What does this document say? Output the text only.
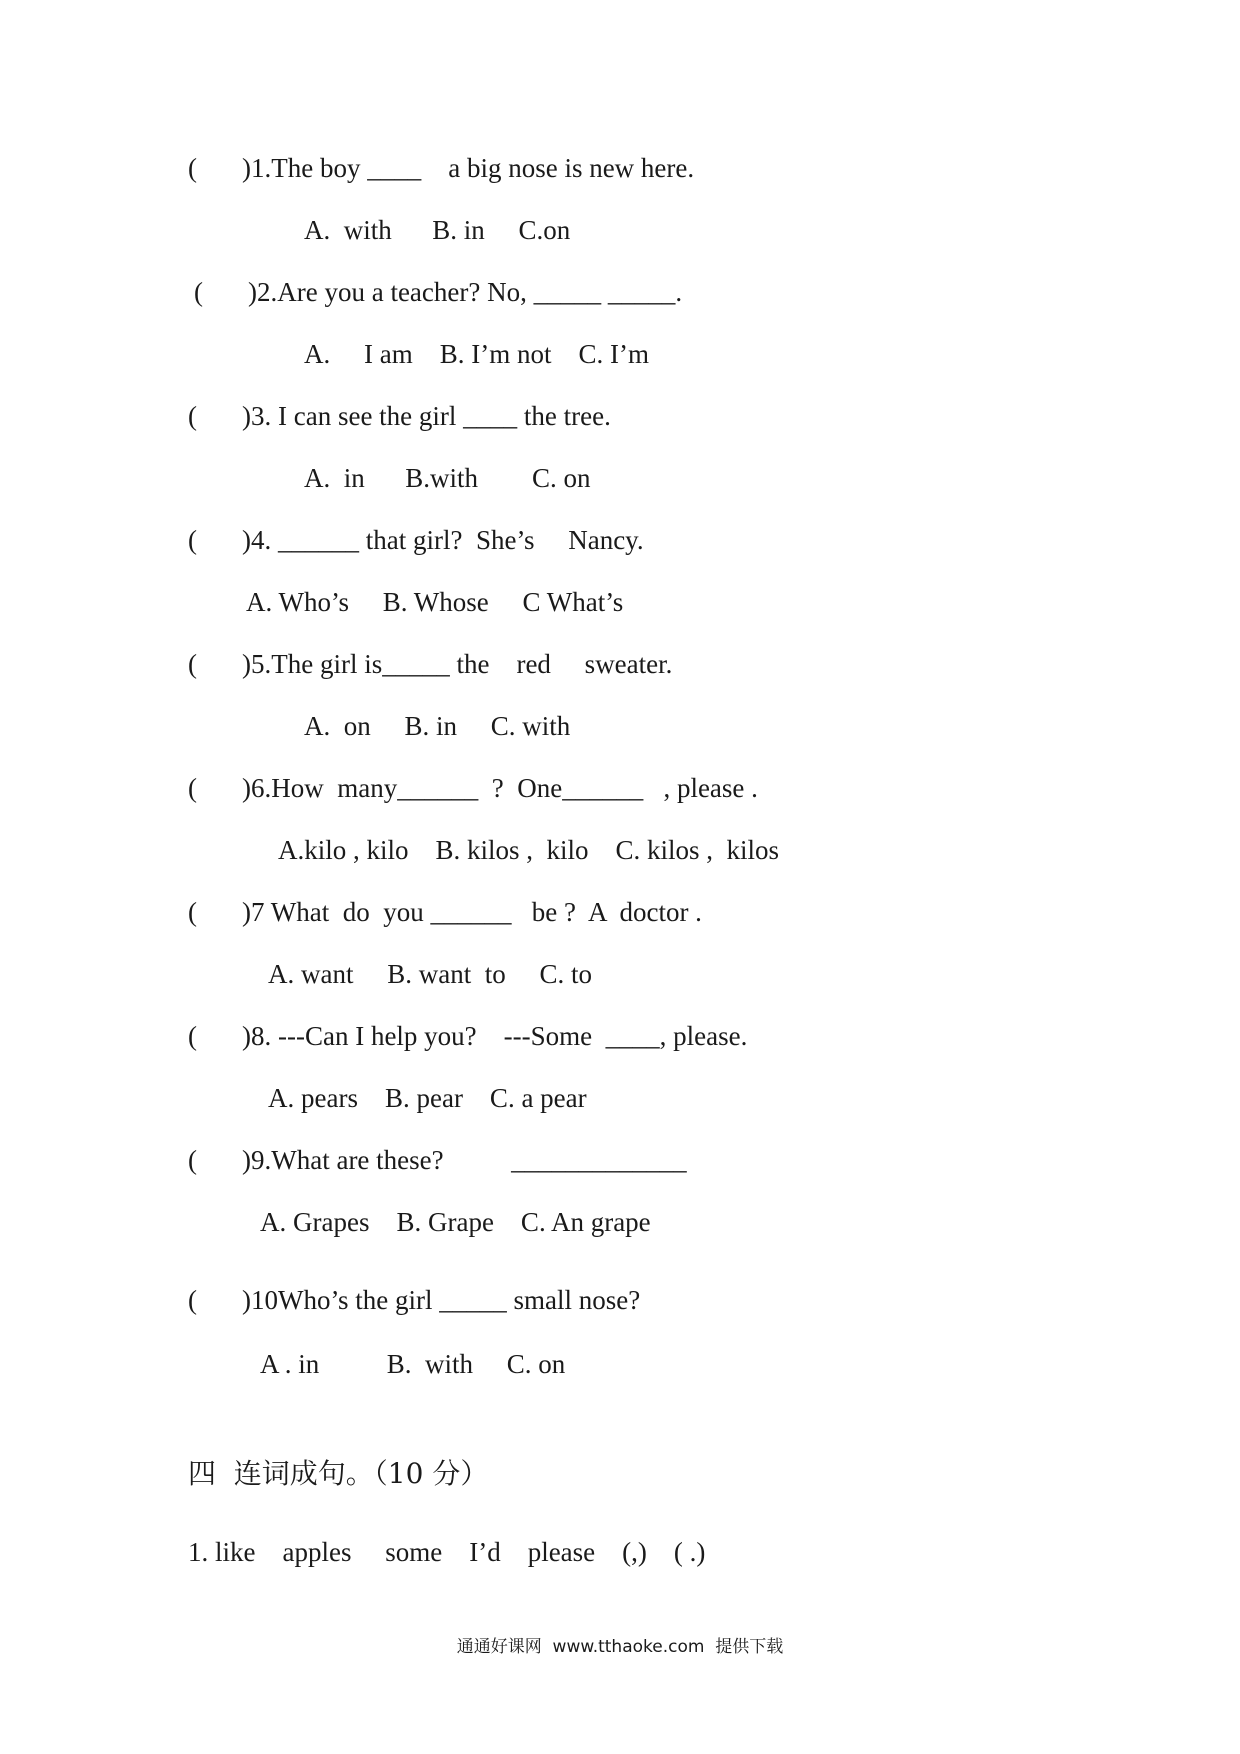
( )1.The boy ____    a big nose is new here.
A.  with      B. in     C.on
( )2.Are you a teacher? No, _____ _____.
A.     I am    B. I’m not    C. I’m
( )3. I can see the girl ____ the tree.
A.  in      B.with        C. on
( )4. ______ that girl?  She’s     Nancy.
A. Who’s     B. Whose     C What’s
( )5.The girl is_____ the    red     sweater.
A.  on     B. in     C. with
( )6.How  many______  ?  One______   , please .
A.kilo , kilo    B. kilos ,  kilo    C. kilos ,  kilos
( )7 What  do  you ______   be ?  A  doctor .
A. want     B. want  to     C. to
( )8. ---Can I help you?    ---Some  ____, please.
A. pears    B. pear    C. a pear
( )9.What are these?          _____________
A. Grapes    B. Grape    C. An grape
( )10Who’s the girl _____ small nose?
A . in          B.  with     C. on
四  连词成句。（10 分）
1. like    apples     some    I’d    please    (,)    ( .)
通通好课网  www.tthaoke.com  提供下载
